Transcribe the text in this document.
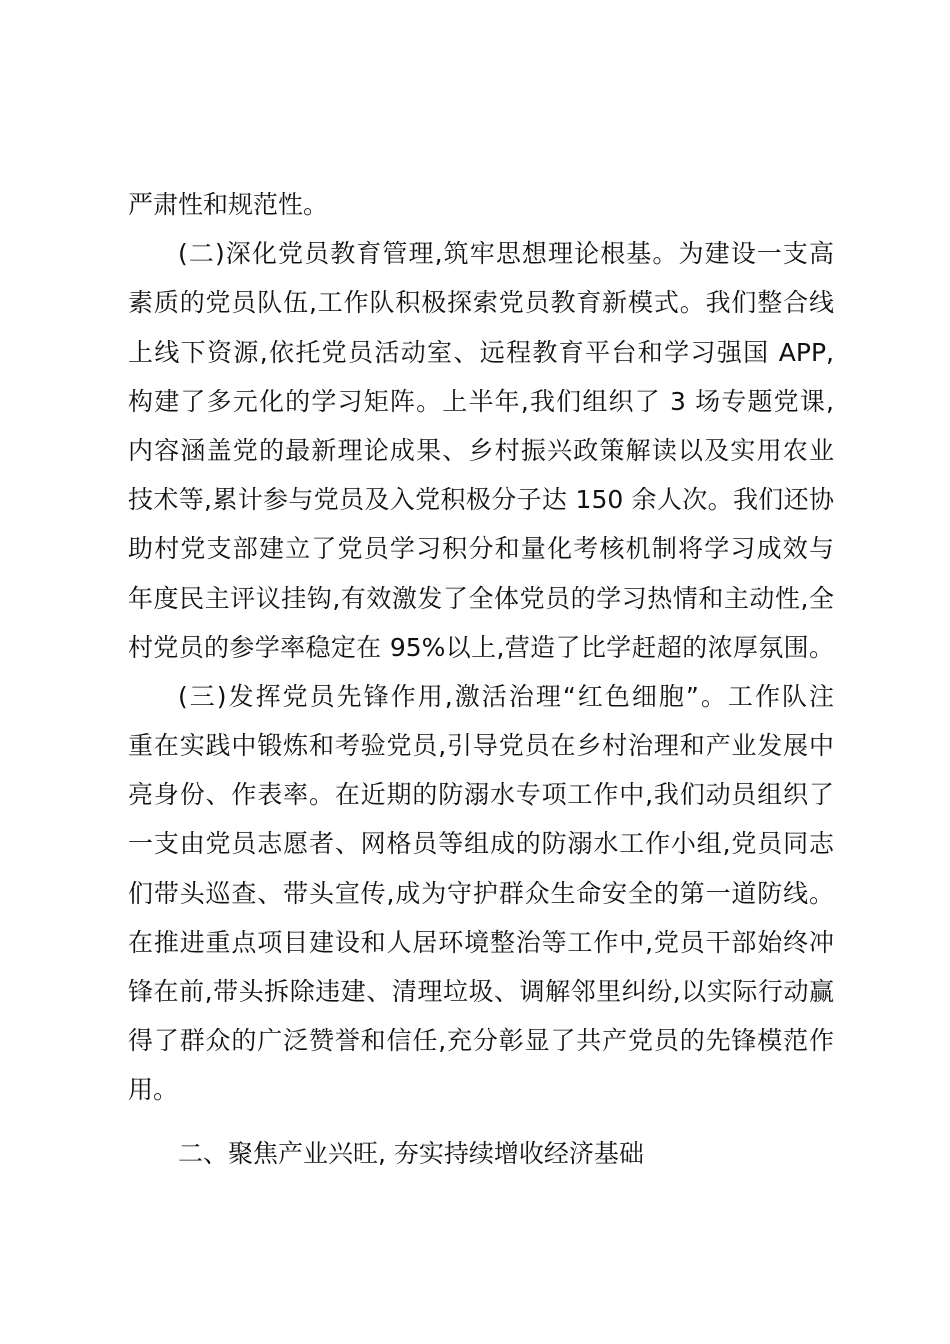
严肃性和规范性。
(二)深化党员教育管理,筑牢思想理论根基。为建设一支高
素质的党员队伍,工作队积极探索党员教育新模式。我们整合线
上线下资源,依托党员活动室、远程教育平台和学习强国 APP,
构建了多元化的学习矩阵。上半年,我们组织了 3 场专题党课,
内容涵盖党的最新理论成果、乡村振兴政策解读以及实用农业
技术等,累计参与党员及入党积极分子达 150 余人次。我们还协
助村党支部建立了党员学习积分和量化考核机制将学习成效与
年度民主评议挂钩,有效激发了全体党员的学习热情和主动性,全
村党员的参学率稳定在 95%以上,营造了比学赶超的浓厚氛围。
(三)发挥党员先锋作用,激活治理“红色细胞”。工作队注
重在实践中锻炼和考验党员,引导党员在乡村治理和产业发展中
亮身份、作表率。在近期的防溺水专项工作中,我们动员组织了
一支由党员志愿者、网格员等组成的防溺水工作小组,党员同志
们带头巡查、带头宣传,成为守护群众生命安全的第一道防线。
在推进重点项目建设和人居环境整治等工作中,党员干部始终冲
锋在前,带头拆除违建、清理垃圾、调解邻里纠纷,以实际行动赢
得了群众的广泛赞誉和信任,充分彰显了共产党员的先锋模范作
用。
二、聚焦产业兴旺, 夯实持续增收经济基础
